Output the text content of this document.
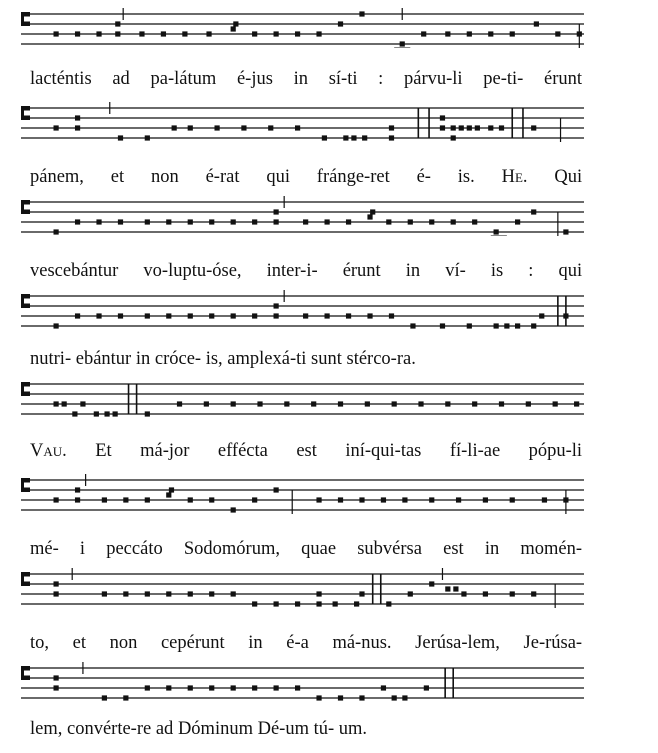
lacténtis ad pa-látum é-jus in sí-ti : párvu-li pe-ti- érunt
pánem, et non é-rat qui fránge-ret é- is. He. Qui
vescebántur vo-luptu-óse, inter-i- érunt in ví- is : qui
nutri- ebántur in cróce- is, amplexá-ti sunt stérco-ra.
Vau. Et má-jor effécta est iní-qui-tas fí-li-ae pópu-li
mé- i peccáto Sodomórum, quae subvérsa est in momén-
to, et non cepérunt in é-a má-nus. Jerúsa-lem, Je-rúsa-
lem, convérte-re ad Dóminum Dé-um tú- um.
